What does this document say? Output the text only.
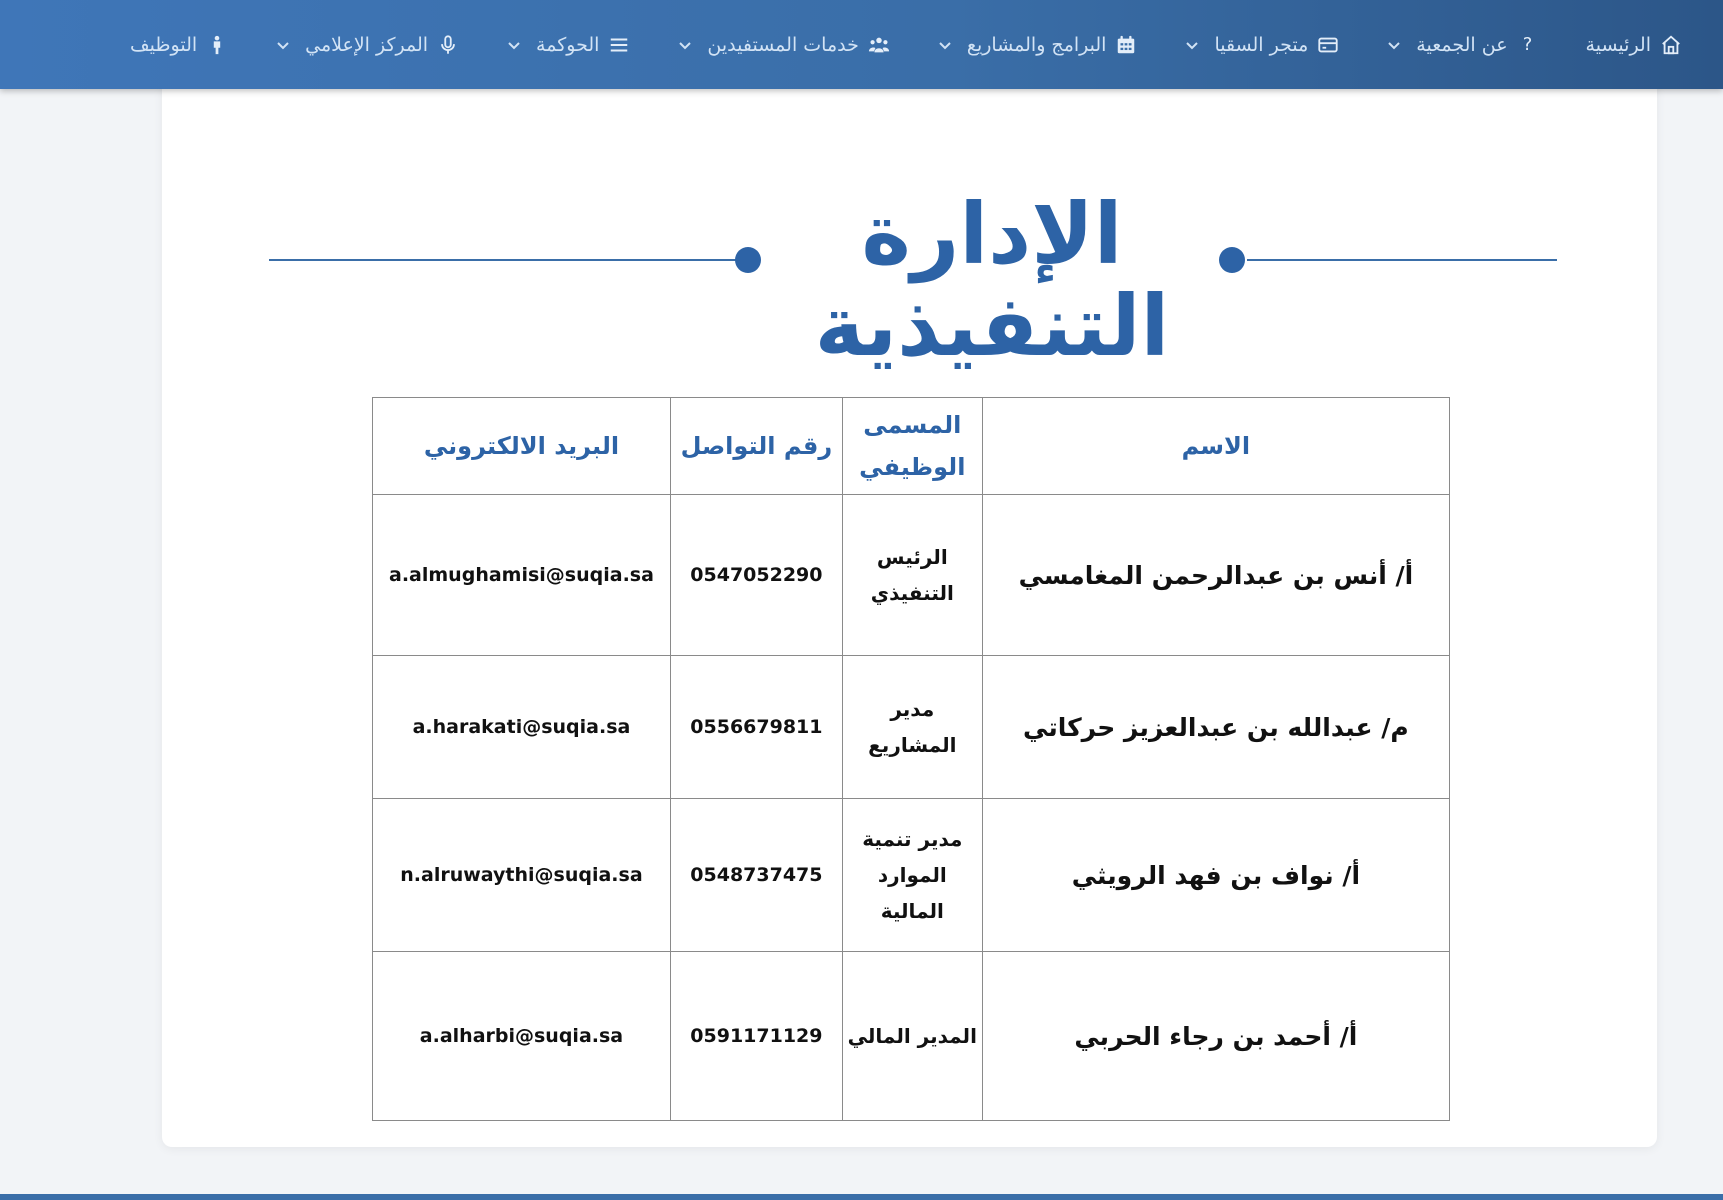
الرئيسية
?
عن الجمعية
متجر السقيا
البرامج والمشاريع
خدمات المستفيدين
الحوكمة
المركز الإعلامي
التوظيف
الإدارة التنفيذية
الاسم	المسمى الوظيفي	رقم التواصل	البريد الالكتروني
أ/ أنس بن عبدالرحمن المغامسي	الرئيس التنفيذي	0547052290	a.almughamisi@suqia.sa
م/ عبدالله بن عبدالعزيز حركاتي	مدير المشاريع	0556679811	a.harakati@suqia.sa
أ/ نواف بن فهد الرويثي	مدير تنمية الموارد المالية	0548737475	n.alruwaythi@suqia.sa
أ/ أحمد بن رجاء الحربي	المدير المالي	0591171129	a.alharbi@suqia.sa
